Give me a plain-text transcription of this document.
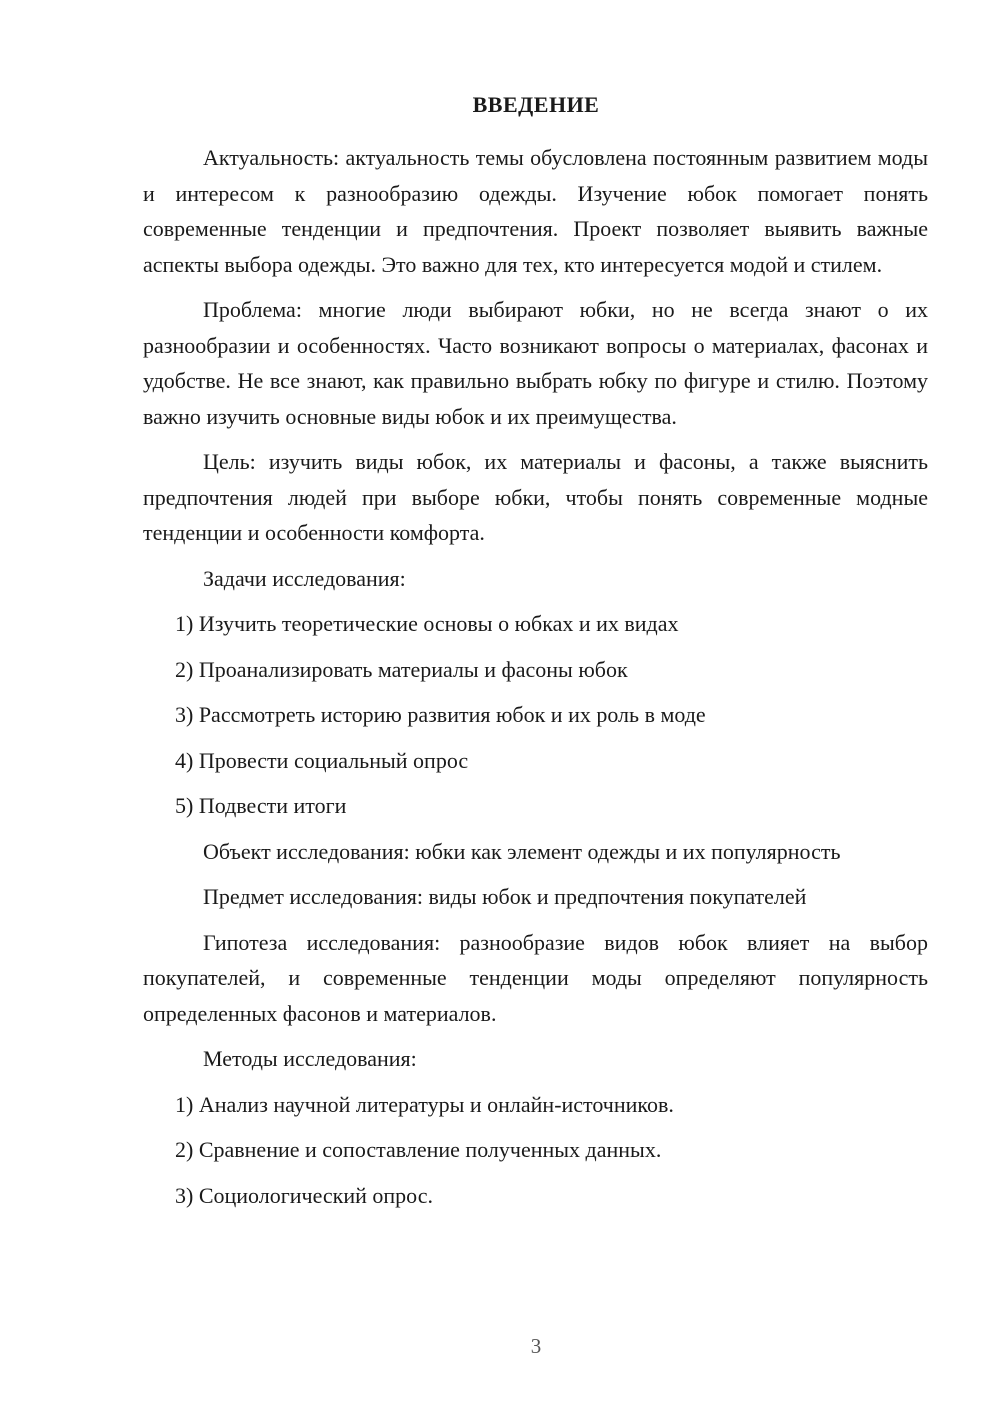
ВВЕДЕНИЕ

Актуальность: актуальность темы обусловлена постоянным развитием моды и интересом к разнообразию одежды. Изучение юбок помогает понять современные тенденции и предпочтения. Проект позволяет выявить важные аспекты выбора одежды. Это важно для тех, кто интересуется модой и стилем.

Проблема: многие люди выбирают юбки, но не всегда знают о их разнообразии и особенностях. Часто возникают вопросы о материалах, фасонах и удобстве. Не все знают, как правильно выбрать юбку по фигуре и стилю. Поэтому важно изучить основные виды юбок и их преимущества.

Цель: изучить виды юбок, их материалы и фасоны, а также выяснить предпочтения людей при выборе юбки, чтобы понять современные модные тенденции и особенности комфорта.

Задачи исследования:

1) Изучить теоретические основы о юбках и их видах

2) Проанализировать материалы и фасоны юбок

3) Рассмотреть историю развития юбок и их роль в моде

4) Провести социальный опрос

5) Подвести итоги

Объект исследования: юбки как элемент одежды и их популярность

Предмет исследования: виды юбок и предпочтения покупателей

Гипотеза исследования: разнообразие видов юбок влияет на выбор покупателей, и современные тенденции моды определяют популярность определенных фасонов и материалов.

Методы исследования:

1) Анализ научной литературы и онлайн-источников.

2) Сравнение и сопоставление полученных данных.

3) Социологический опрос.

3
